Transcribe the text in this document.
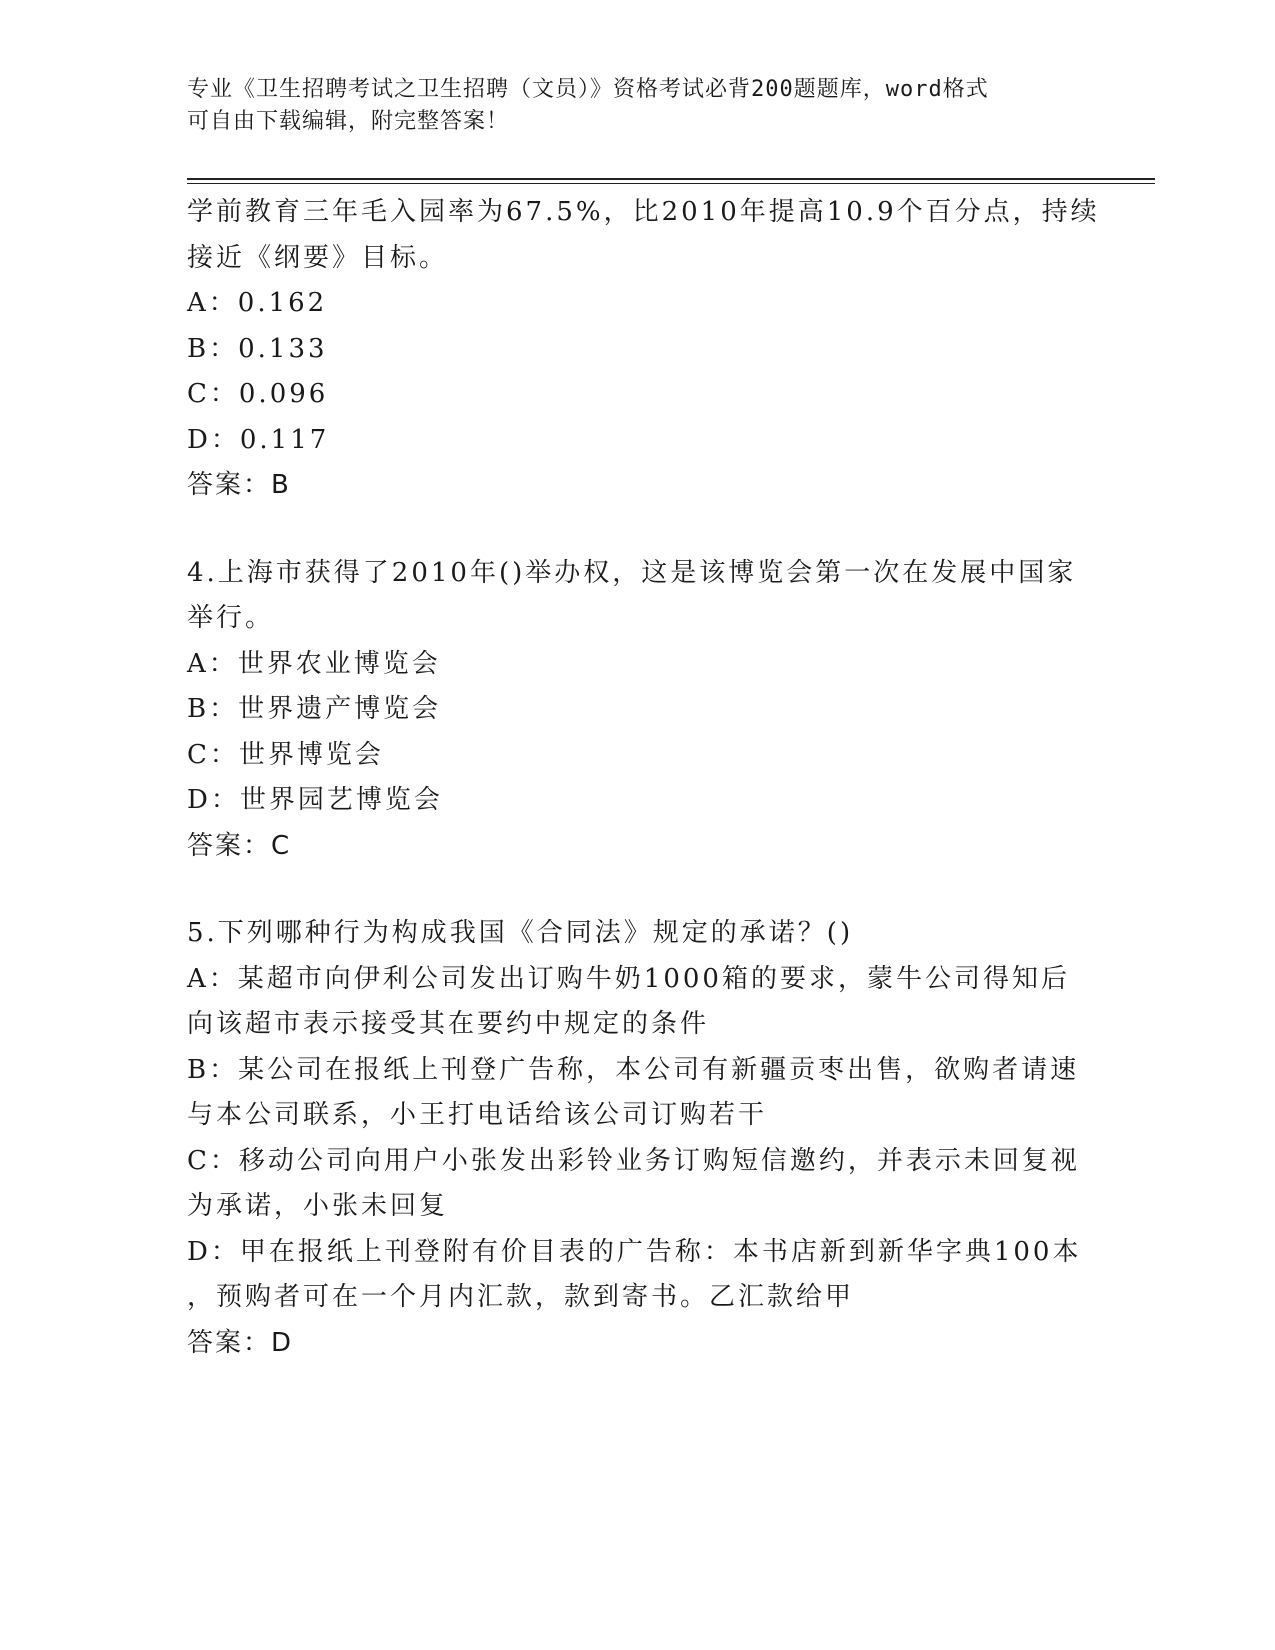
专业《卫生招聘考试之卫生招聘（文员）》资格考试必背200题题库，word格式
可自由下载编辑，附完整答案！
学前教育三年毛入园率为67.5%，比2010年提高10.9个百分点，持续
接近《纲要》目标。
A：0.162
B：0.133
C：0.096
D：0.117
答案：B
4.上海市获得了2010年()举办权，这是该博览会第一次在发展中国家
举行。
A：世界农业博览会
B：世界遗产博览会
C：世界博览会
D：世界园艺博览会
答案：C
5.下列哪种行为构成我国《合同法》规定的承诺？()
A：某超市向伊利公司发出订购牛奶1000箱的要求，蒙牛公司得知后
向该超市表示接受其在要约中规定的条件
B：某公司在报纸上刊登广告称，本公司有新疆贡枣出售，欲购者请速
与本公司联系，小王打电话给该公司订购若干
C：移动公司向用户小张发出彩铃业务订购短信邀约，并表示未回复视
为承诺，小张未回复
D：甲在报纸上刊登附有价目表的广告称：本书店新到新华字典100本
，预购者可在一个月内汇款，款到寄书。乙汇款给甲
答案：D
